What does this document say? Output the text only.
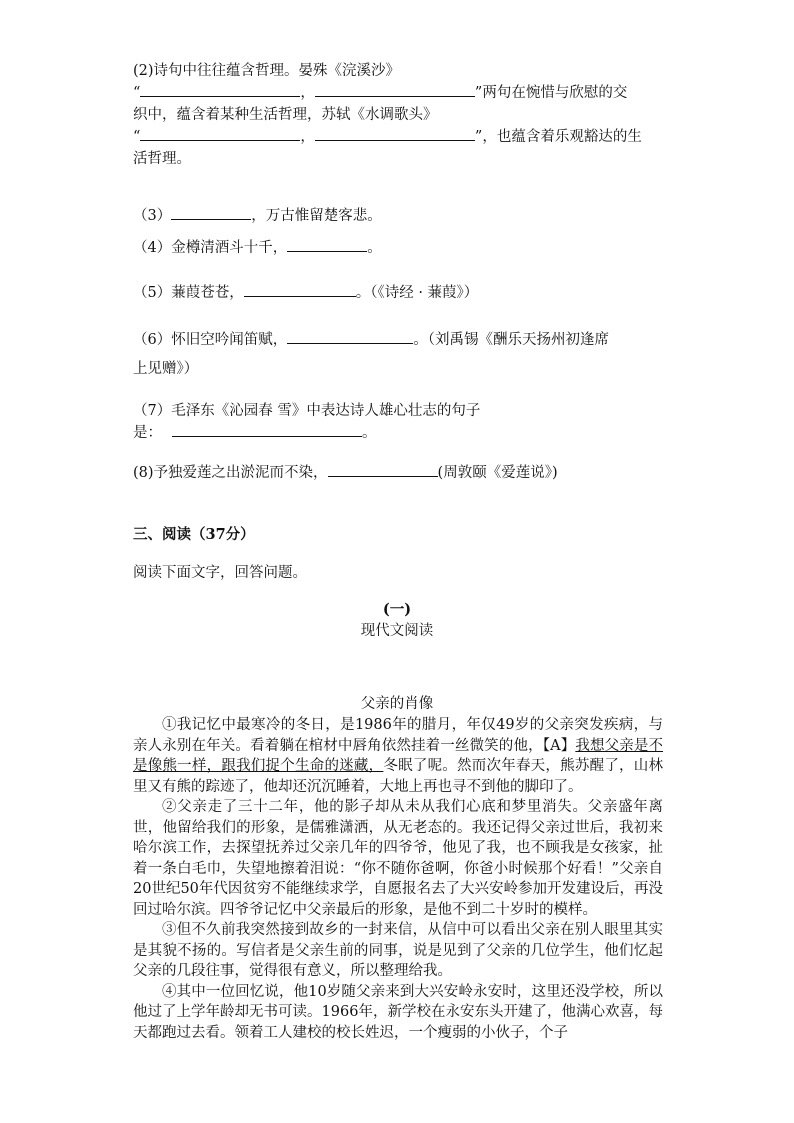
(2)诗句中往往蕴含哲理。晏殊《浣溪沙》
“	，	”两句在惋惜与欣慰的交
织中，蕴含着某种生活哲理，苏轼《水调歌头》
“	，	”，也蕴含着乐观豁达的生
活哲理。
（3）	，万古惟留楚客悲。
（4）金樽清酒斗十千，	。
（5）蒹葭苍苍，	。（《诗经 · 蒹葭》）
（6）怀旧空吟闻笛赋，	。（刘禹锡《酬乐天扬州初逢席
上见赠》）
（7）毛泽东《沁园春 雪》中表达诗人雄心壮志的句子
是：	。
(8)予独爱莲之出淤泥而不染，	(周敦颐《爱莲说》)
三、阅读（37分）
阅读下面文字，回答问题。
(一)
现代文阅读
父亲的肖像

①我记忆中最寒冷的冬日，是1986年的腊月，年仅49岁的父亲突发疾病，与亲人永别在年关。看着躺在棺材中唇角依然挂着一丝微笑的他，【A】我想父亲是不是像熊一样，跟我们捉个生命的迷藏，冬眠了呢。然而次年春天，熊苏醒了，山林里又有熊的踪迹了，他却还沉沉睡着，大地上再也寻不到他的脚印了。

②父亲走了三十二年，他的影子却从未从我们心底和梦里消失。父亲盛年离世，他留给我们的形象，是儒雅潇洒，从无老态的。我还记得父亲过世后，我初来哈尔滨工作，去探望抚养过父亲几年的四爷爷，他见了我，也不顾我是女孩家，扯着一条白毛巾，失望地擦着泪说：“你不随你爸啊，你爸小时候那个好看！”父亲自20世纪50年代因贫穷不能继续求学，自愿报名去了大兴安岭参加开发建设后，再没回过哈尔滨。四爷爷记忆中父亲最后的形象，是他不到二十岁时的模样。

③但不久前我突然接到故乡的一封来信，从信中可以看出父亲在别人眼里其实是其貌不扬的。写信者是父亲生前的同事，说是见到了父亲的几位学生，他们忆起父亲的几段往事，觉得很有意义，所以整理给我。

④其中一位回忆说，他10岁随父亲来到大兴安岭永安时，这里还没学校，所以他过了上学年龄却无书可读。1966年，新学校在永安东头开建了，他满心欢喜，每天都跑过去看。领着工人建校的校长姓迟，一个瘦弱的小伙子，个子
